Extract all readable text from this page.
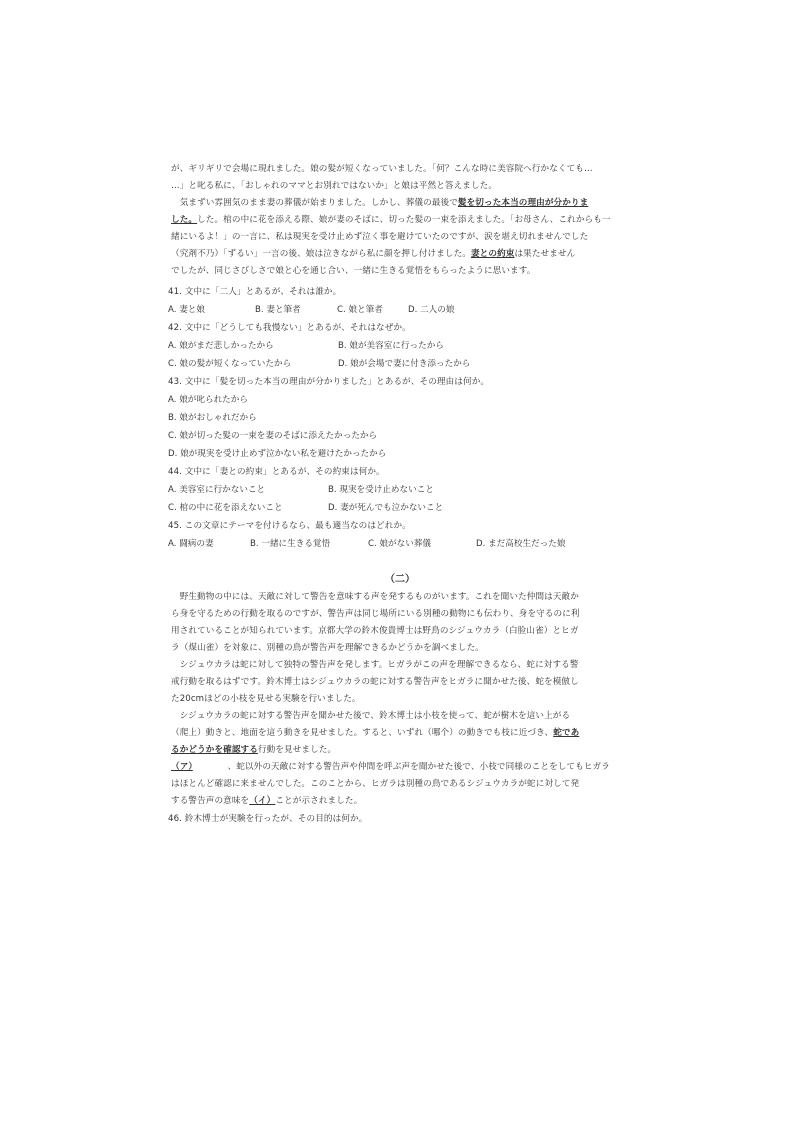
が、ギリギリで会場に現れました。娘の髪が短くなっていました。「何？こんな時に美容院へ行かなくても…
…」と叱る私に、「おしゃれのママとお別れではないか」と娘は平然と答えました。
　気まずい雰囲気のまま妻の葬儀が始まりました。しかし、葬儀の最後で髪を切った本当の理由が分かりま
した。した。棺の中に花を添える際、娘が妻のそばに、切った髪の一束を添えました。「お母さん、これからも一
緒にいるよ！」の一言に、私は現実を受け止めず泣く事を避けていたのですが、涙を堪え切れませんでした
（究剤不乃）「ずるい」一言の後、娘は泣きながら私に顔を押し付けました。妻との約束は果たせません
でしたが、同じさびしさで娘と心を通じ合い、一緒に生きる覚悟をもらったように思います。
41. 文中に「二人」とあるが、それは誰か。
A. 妻と娘	B. 妻と筆者	C. 娘と筆者	D. 二人の娘
42. 文中に「どうしても我慢ない」とあるが、それはなぜか。
A. 娘がまだ悲しかったから	B. 娘が美容室に行ったから
C. 娘の髪が短くなっていたから	D. 娘が会場で妻に付き添ったから
43. 文中に「髪を切った本当の理由が分かりました」とあるが、その理由は何か。
A. 娘が叱られたから
B. 娘がおしゃれだから
C. 娘が切った髪の一束を妻のそばに添えたかったから
D. 娘が現実を受け止めず泣かない私を避けたかったから
44. 文中に「妻との約束」とあるが、その約束は何か。
A. 美容室に行かないこと	B. 現実を受け止めないこと
C. 棺の中に花を添えないこと	D. 妻が死んでも泣かないこと
45. この文章にテーマを付けるなら、最も適当なのはどれか。
A. 闘病の妻	B. 一緒に生きる覚悟	C. 娘がない葬儀	D. まだ高校生だった娘
（二）
　野生動物の中には、天敵に対して警告を意味する声を発するものがいます。これを聞いた仲間は天敵か
ら身を守るための行動を取るのですが、警告声は同じ場所にいる別種の動物にも伝わり、身を守るのに利
用されていることが知られています。京都大学の鈴木俊貴博士は野鳥のシジュウカラ（白脸山雀）とヒガ
ラ（煤山雀）を対象に、別種の鳥が警告声を理解できるかどうかを調べました。
　シジュウカラは蛇に対して独特の警告声を発します。ヒガラがこの声を理解できるなら、蛇に対する警
戒行動を取るはずです。鈴木博士はシジュウカラの蛇に対する警告声をヒガラに聞かせた後、蛇を模倣し
た20cmほどの小枝を見せる実験を行いました。
　シジュウカラの蛇に対する警告声を聞かせた後で、鈴木博士は小枝を使って、蛇が樹木を這い上がる
（爬上）動きと、地面を這う動きを見せました。すると、いずれ（哪个）の動きでも枝に近づき、蛇であ
るかどうかを確認する行動を見せました。
（ア）　　　　、蛇以外の天敵に対する警告声や仲間を呼ぶ声を聞かせた後で、小枝で同様のことをしてもヒガラ
はほとんど確認に来ませんでした。このことから、ヒガラは別種の鳥であるシジュウカラが蛇に対して発
する警告声の意味を（イ）ことが示されました。
46. 鈴木博士が実験を行ったが、その目的は何か。
